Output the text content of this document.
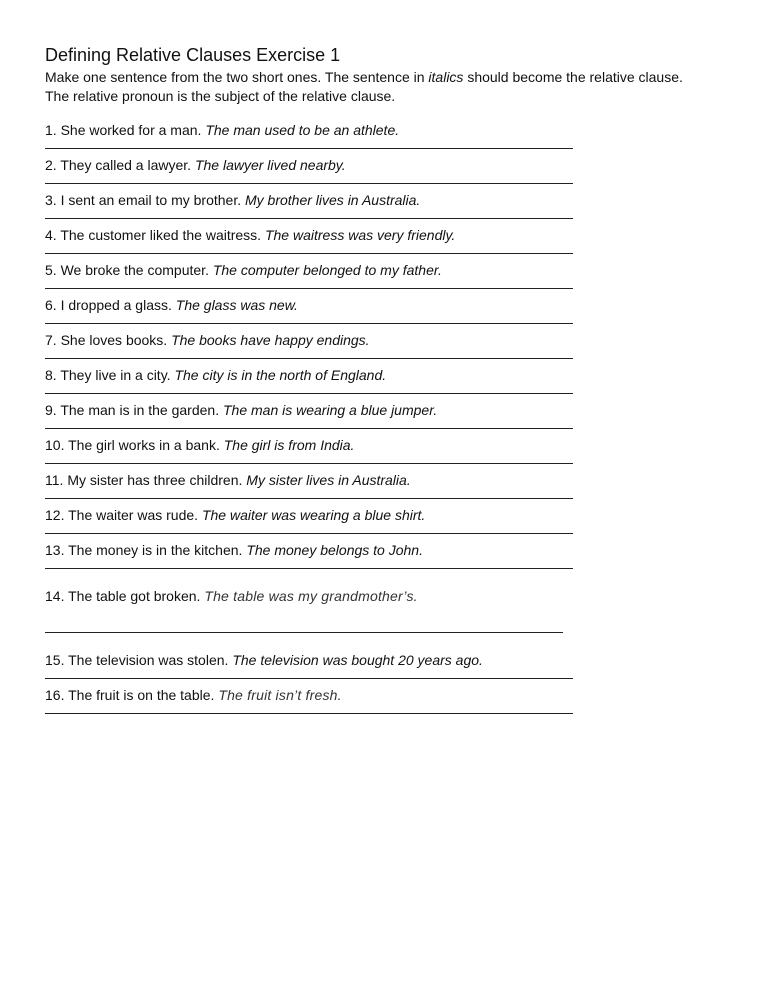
Defining Relative Clauses Exercise 1

Make one sentence from the two short ones. The sentence in italics should become the relative clause. The relative pronoun is the subject of the relative clause.

1. She worked for a man. The man used to be an athlete.
2. They called a lawyer. The lawyer lived nearby.
3. I sent an email to my brother. My brother lives in Australia.
4. The customer liked the waitress. The waitress was very friendly.
5. We broke the computer. The computer belonged to my father.
6. I dropped a glass. The glass was new.
7. She loves books. The books have happy endings.
8. They live in a city. The city is in the north of England.
9. The man is in the garden. The man is wearing a blue jumper.
10. The girl works in a bank. The girl is from India.
11. My sister has three children. My sister lives in Australia.
12. The waiter was rude. The waiter was wearing a blue shirt.
13. The money is in the kitchen. The money belongs to John.
14. The table got broken. The table was my grandmother’s.
15. The television was stolen. The television was bought 20 years ago.
16. The fruit is on the table. The fruit isn’t fresh.
